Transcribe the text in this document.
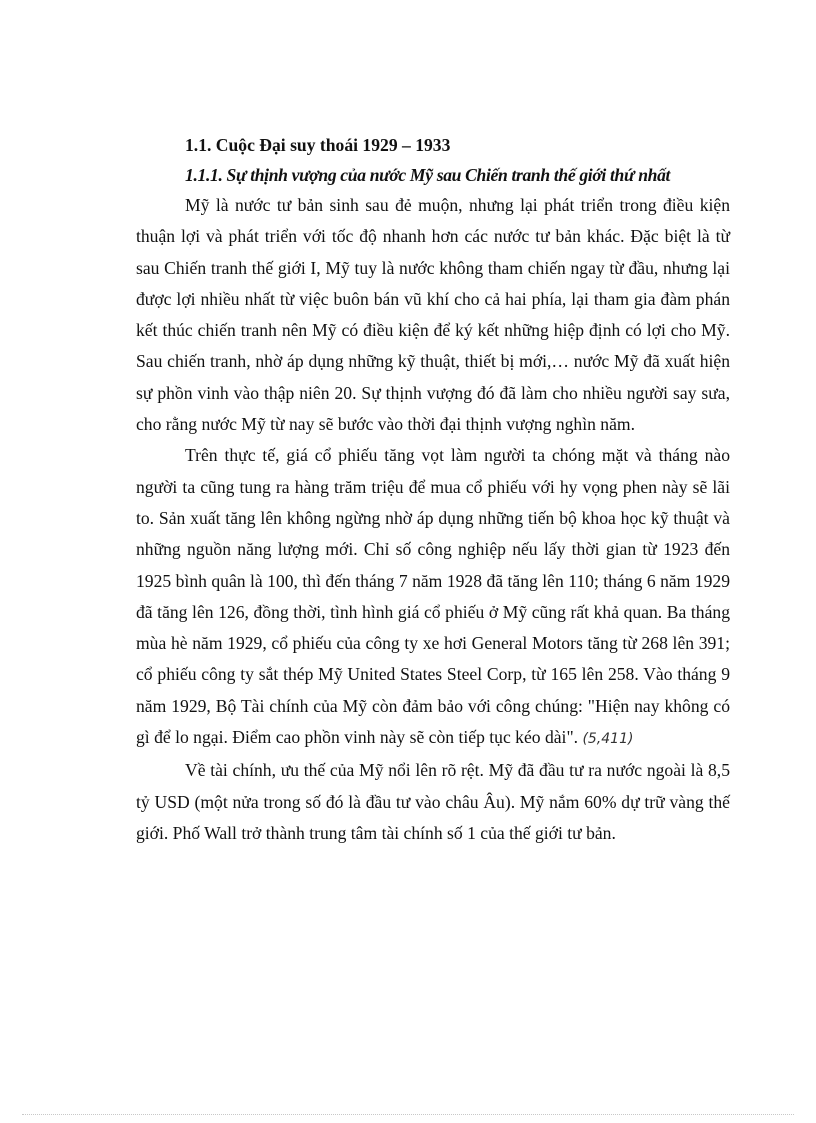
1.1. Cuộc Đại suy thoái 1929 – 1933

1.1.1. Sự thịnh vượng của nước Mỹ sau Chiến tranh thế giới thứ nhất

Mỹ là nước tư bản sinh sau đẻ muộn, nhưng lại phát triển trong điều kiện thuận lợi và phát triển với tốc độ nhanh hơn các nước tư bản khác. Đặc biệt là từ sau Chiến tranh thế giới I, Mỹ tuy là nước không tham chiến ngay từ đầu, nhưng lại được lợi nhiều nhất từ việc buôn bán vũ khí cho cả hai phía, lại tham gia đàm phán kết thúc chiến tranh nên Mỹ có điều kiện để ký kết những hiệp định có lợi cho Mỹ. Sau chiến tranh, nhờ áp dụng những kỹ thuật, thiết bị mới,… nước Mỹ đã xuất hiện sự phồn vinh vào thập niên 20. Sự thịnh vượng đó đã làm cho nhiều người say sưa, cho rằng nước Mỹ từ nay sẽ bước vào thời đại thịnh vượng nghìn năm.

Trên thực tế, giá cổ phiếu tăng vọt làm người ta chóng mặt và tháng nào người ta cũng tung ra hàng trăm triệu để mua cổ phiếu với hy vọng phen này sẽ lãi to. Sản xuất tăng lên không ngừng nhờ áp dụng những tiến bộ khoa học kỹ thuật và những nguồn năng lượng mới. Chỉ số công nghiệp nếu lấy thời gian từ 1923 đến 1925 bình quân là 100, thì đến tháng 7 năm 1928 đã tăng lên 110; tháng 6 năm 1929 đã tăng lên 126, đồng thời, tình hình giá cổ phiếu ở Mỹ cũng rất khả quan. Ba tháng mùa hè năm 1929, cổ phiếu của công ty xe hơi General Motors tăng từ 268 lên 391; cổ phiếu công ty sắt thép Mỹ United States Steel Corp, từ 165 lên 258. Vào tháng 9 năm 1929, Bộ Tài chính của Mỹ còn đảm bảo với công chúng: "Hiện nay không có gì để lo ngại. Điểm cao phồn vinh này sẽ còn tiếp tục kéo dài". (5,411)

Về tài chính, ưu thế của Mỹ nổi lên rõ rệt. Mỹ đã đầu tư ra nước ngoài là 8,5 tỷ USD (một nửa trong số đó là đầu tư vào châu Âu). Mỹ nắm 60% dự trữ vàng thế giới. Phố Wall trở thành trung tâm tài chính số 1 của thế giới tư bản.
